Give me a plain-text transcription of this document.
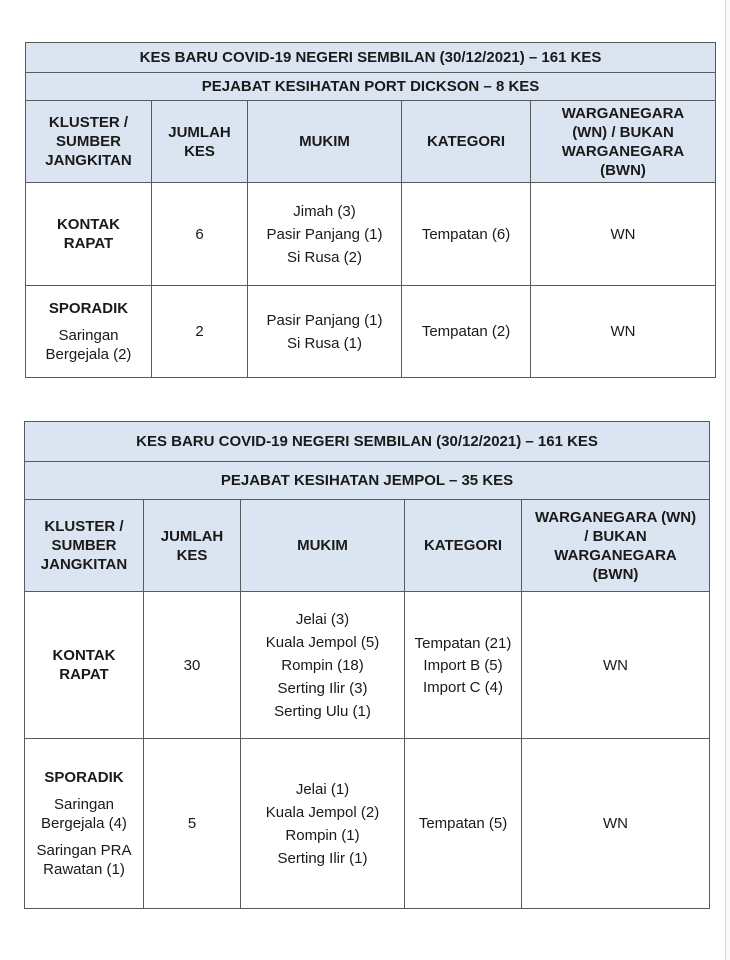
KES BARU COVID-19 NEGERI SEMBILAN (30/12/2021) – 161 KES				
PEJABAT KESIHATAN PORT DICKSON – 8 KES				

KLUSTER /
SUMBER
JANGKITAN	JUMLAH
KES	MUKIM	KATEGORI	WARGANEGARA
(WN) / BUKAN
WARGANEGARA
(BWN)

KONTAK
RAPAT	6	Jimah (3)
Pasir Panjang (1)
Si Rusa (2)	Tempatan (6)	WN

SPORADIK
Saringan
Bergejala (2)	2	Pasir Panjang (1)
Si Rusa (1)	Tempatan (2)	WN
KES BARU COVID-19 NEGERI SEMBILAN (30/12/2021) – 161 KES				
PEJABAT KESIHATAN JEMPOL – 35 KES				

KLUSTER /
SUMBER
JANGKITAN	JUMLAH
KES	MUKIM	KATEGORI	WARGANEGARA (WN)
/ BUKAN
WARGANEGARA
(BWN)

KONTAK
RAPAT	30	Jelai (3)
Kuala Jempol (5)
Rompin (18)
Serting Ilir (3)
Serting Ulu (1)	Tempatan (21)
Import B (5)
Import C (4)	WN

SPORADIK
Saringan
Bergejala (4)
Saringan PRA
Rawatan (1)	5	Jelai (1)
Kuala Jempol (2)
Rompin (1)
Serting Ilir (1)	Tempatan (5)	WN
